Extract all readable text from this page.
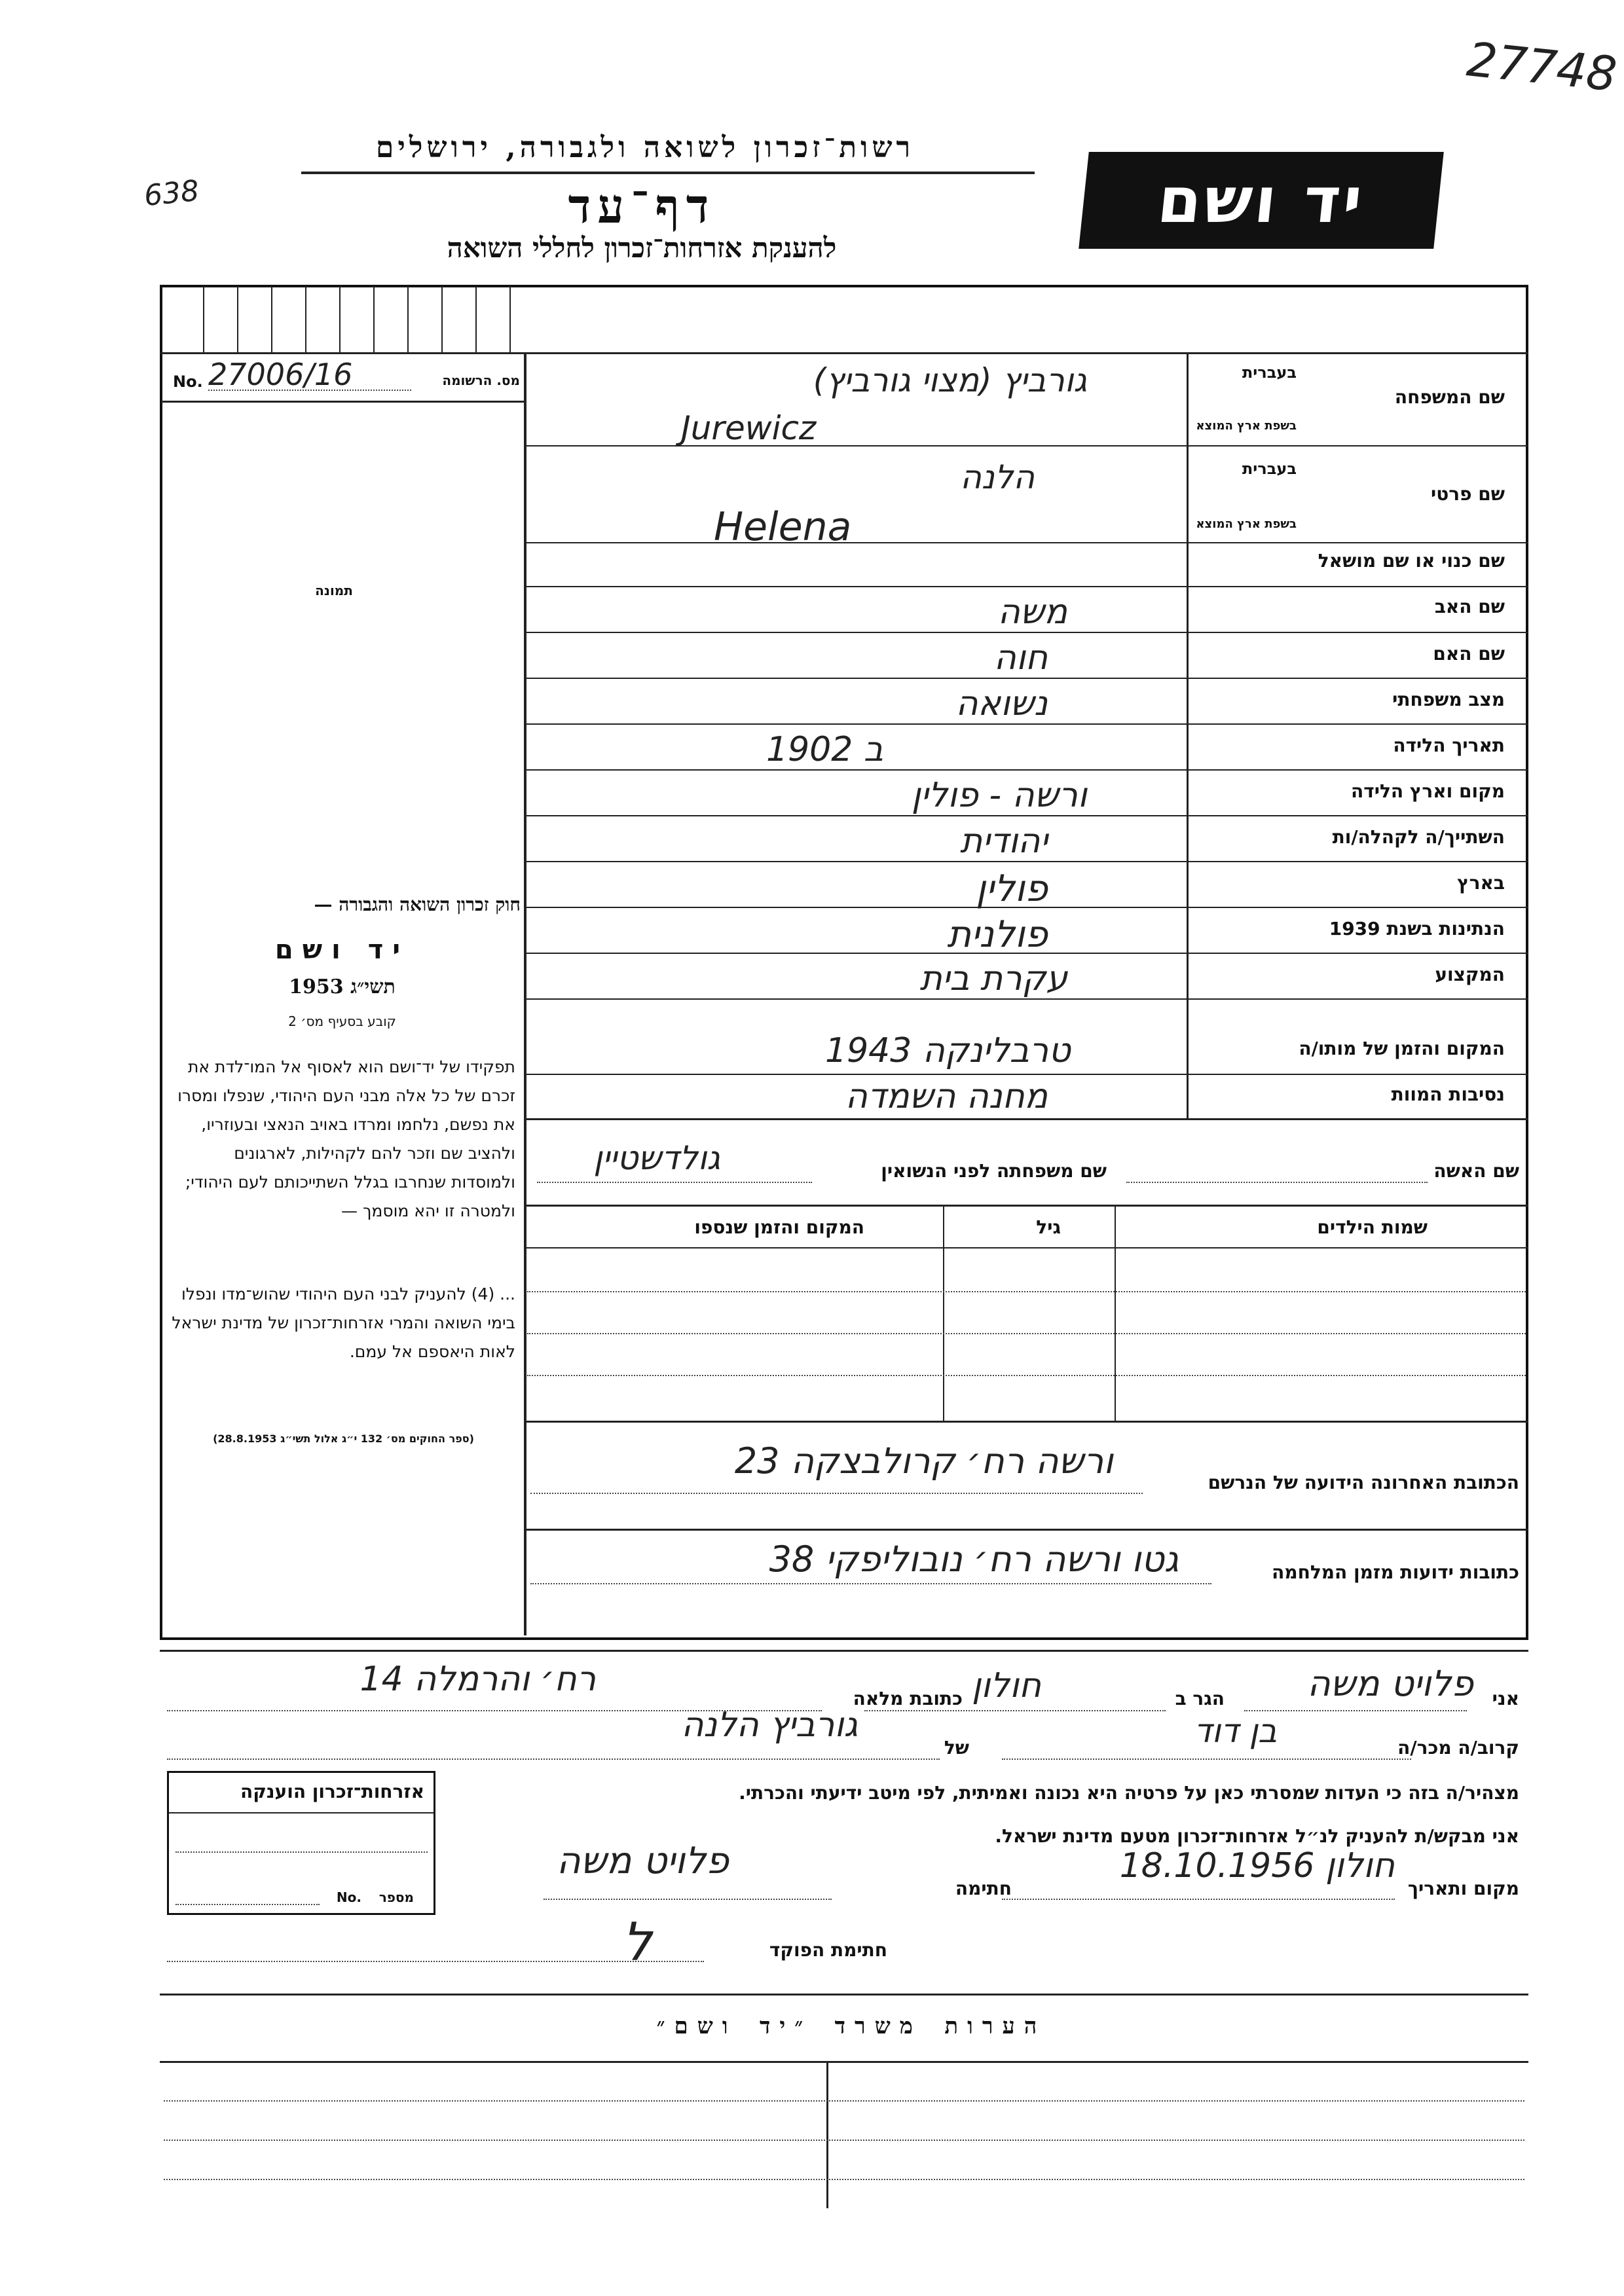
27748
638
רשות־זכרון לשואה ולגבורה, ירושלים
דף־עד
להענקת אזרחות־זכרון לחללי השואה
יד ושם
No. 27006/16	מס. הרשומה
תמונה
חוק זכרון השואה והגבורה —
יד ושם
תשי״ג 1953
קובע בסעיף מס׳ 2
תפקידו של יד־ושם הוא לאסוף אל המו־לדת את זכרם של כל אלה מבני העם היהודי, שנפלו ומסרו את נפשם, נלחמו ומרדו באויב הנאצי ובעוזריו, ולהציב שם וזכר להם לקהילות, לארגונים ולמוסדות שנחרבו בגלל השתייכותם לעם היהודי; ולמטרה זו יהא מוסמך —
... (4) להעניק לבני העם היהודי שהוש־מדו ונפלו בימי השואה והמרי אזרחות־זכרון של מדינת ישראל לאות היאספם אל עמם.
(ספר החוקים מס׳ 132 י״ג אלול תשי״ג 28.8.1953)
שם המשפחה
בעברית
בשפת ארץ המוצא
גורביץ (מצוי גורביץ)
Jurewicz
שם פרטי
בעברית
בשפת ארץ המוצא
הלנה
Helena
שם כנוי או שם מושאל
שם האב
משה
שם האם
חוה
מצב משפחתי
נשואה
תאריך הלידה
ב 1902
מקום וארץ הלידה
ורשה - פולין
השתייך/ה לקהלה/ות
יהודית
בארץ
פולין
הנתינות בשנת 1939
פולנית
המקצוע
עקרת בית
המקום והזמן של מותו/ה
1943 טרבלינקה
נסיבות המוות
מחנה השמדה
שם האשה
שם משפחתה לפני הנשואין
גולדשטיין
שמות הילדים
גיל
המקום והזמן שנספו
הכתובת האחרונה הידועה של הנרשם
ורשה רח׳ קרולבצקה 23
כתובות ידועות מזמן המלחמה
גטו ורשה רח׳ נובוליפקי 38
אני
פלויט משה
הגר ב
חולון
כתובת מלאה
רח׳ והרמלה 14
קרוב/ה מכר/ה
בן דוד
של
גורביץ הלנה
מצהיר/ה בזה כי העדות שמסרתי כאן על פרטיה היא נכונה ואמיתית, לפי מיטב ידיעתי והכרתי.
אני מבקש/ת להעניק לנ״ל אזרחות־זכרון מטעם מדינת ישראל.
מקום ותאריך
חולון 18.10.1956
חתימה
פלויט משה
חתימת הפוקד
ל
אזרחות־זכרון הוענקה
מספר
No.
הערות משרד ״יד ושם״
